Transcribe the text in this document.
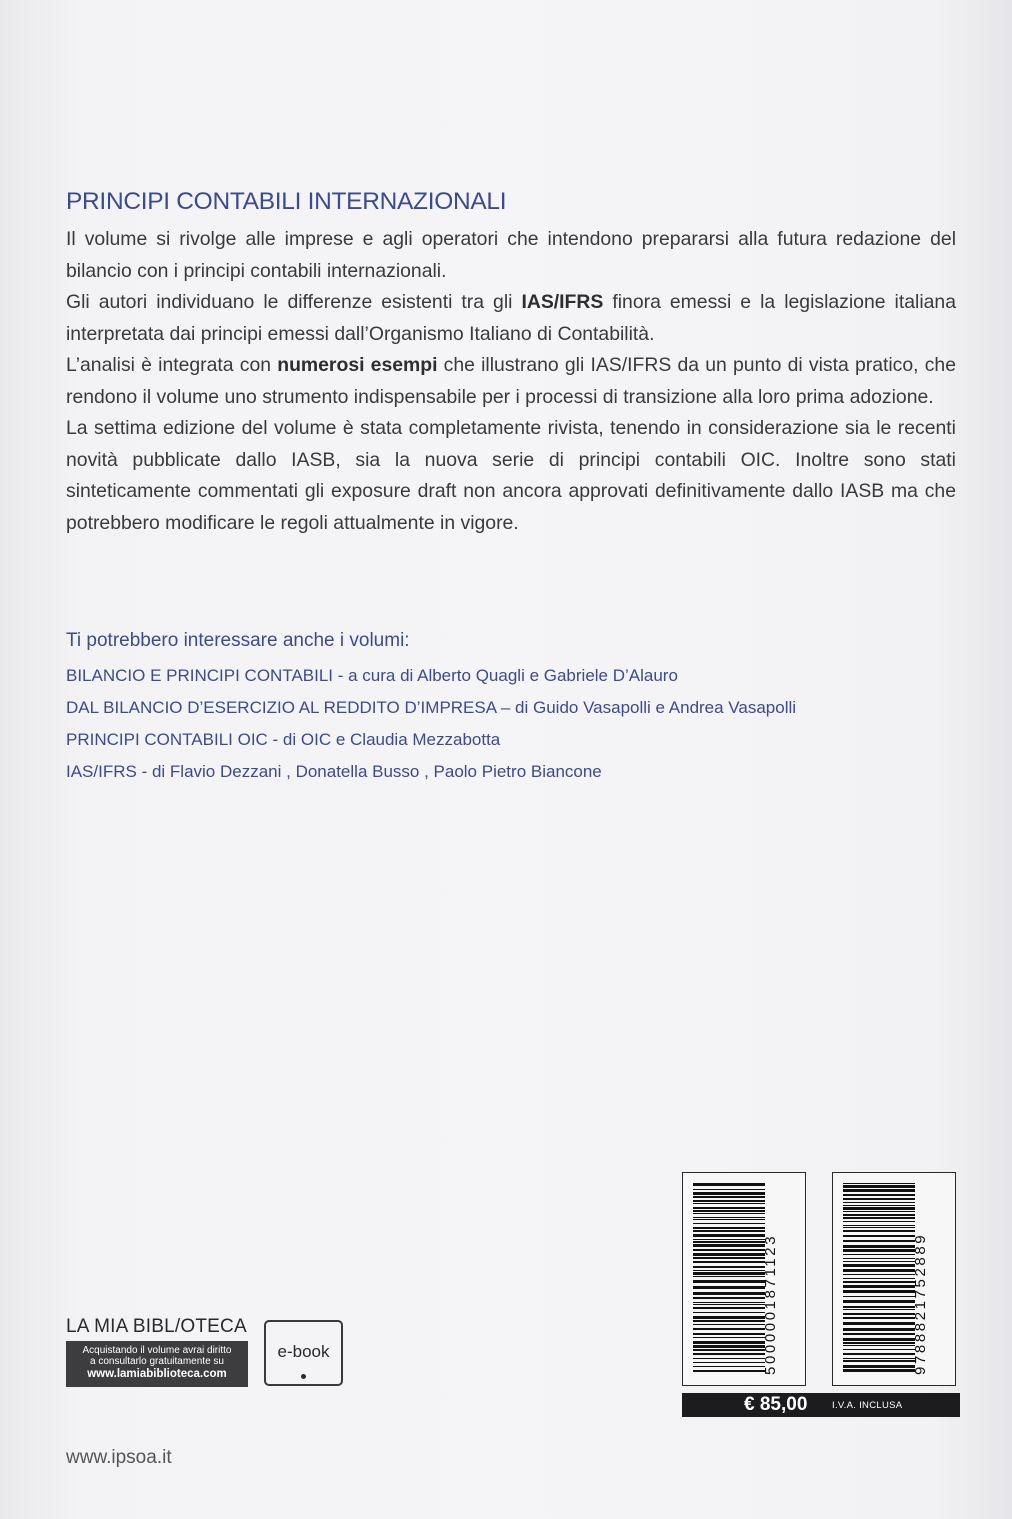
PRINCIPI CONTABILI INTERNAZIONALI

Il volume si rivolge alle imprese e agli operatori che intendono prepararsi alla futura redazione del bilancio con i principi contabili internazionali.

Gli autori individuano le differenze esistenti tra gli IAS/IFRS finora emessi e la legislazione italiana interpretata dai principi emessi dall’Organismo Italiano di Contabilità.

L’analisi è integrata con numerosi esempi che illustrano gli IAS/IFRS da un punto di vista pratico, che rendono il volume uno strumento indispensabile per i processi di transizione alla loro prima adozione.

La settima edizione del volume è stata completamente rivista, tenendo in considerazione sia le recenti novità pubblicate dallo IASB, sia la nuova serie di principi contabili OIC. Inoltre sono stati sinteticamente commentati gli exposure draft non ancora approvati definitivamente dallo IASB ma che potrebbero modificare le regoli attualmente in vigore.

Ti potrebbero interessare anche i volumi:

BILANCIO E PRINCIPI CONTABILI - a cura di Alberto Quagli e Gabriele D’Alauro

DAL BILANCIO D’ESERCIZIO AL REDDITO D’IMPRESA – di Guido Vasapolli e Andrea Vasapolli

PRINCIPI CONTABILI OIC - di OIC e Claudia Mezzabotta

IAS/IFRS - di Flavio Dezzani , Donatella Busso , Paolo Pietro Biancone

5000001871123	9788821752889
€ 85,00	I.V.A. INCLUSA
LA MIA BIBL/OTECA
Acquistando il volume avrai diritto
a consultarlo gratuitamente su
www.lamiabiblioteca.com
e-book
www.ipsoa.it
